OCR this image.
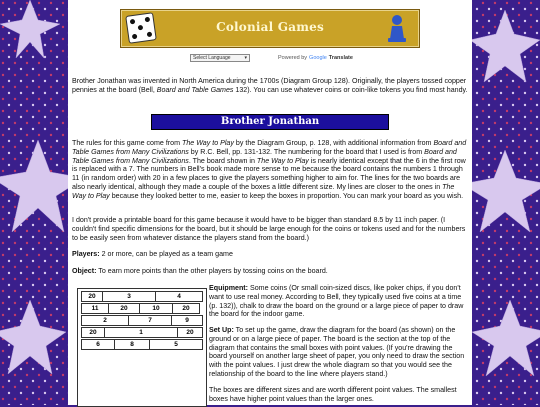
Colonial Games
Select Language	▾	Powered by Google Translate
Brother Jonathan was invented in North America during the 1700s (Diagram Group 128). Originally, the players tossed copper pennies at the board (Bell, Board and Table Games 132). You can use whatever coins or coin-like tokens you find most handy.
Brother Jonathan
The rules for this game come from The Way to Play by the Diagram Group, p. 128, with additional information from Board and Table Games from Many Civilizations by R.C. Bell, pp. 131-132. The numbering for the board that I used is from Board and Table Games from Many Civilizations. The board shown in The Way to Play is nearly identical except that the 6 in the first row is replaced with a 7. The numbers in Bell's book made more sense to me because the board contains the numbers 1 through 11 (in random order) with 20 in a few places to give the players something higher to aim for. The lines for the two boards are also nearly identical, although they made a couple of the boxes a little different size. My lines are closer to the ones in The Way to Play because they looked better to me, easier to keep the boxes in proportion. You can mark your board as you wish.
I don't provide a printable board for this game because it would have to be bigger than standard 8.5 by 11 inch paper. (I couldn't find specific dimensions for the board, but it should be large enough for the coins or tokens used and for the numbers to be easily seen from whatever distance the players stand from the board.)
Players: 2 or more, can be played as a team game
Object: To earn more points than the other players by tossing coins on the board.
20	3	4
11	20	10	20
2	7	9
20	1	20
6	8	5
Equipment: Some coins (Or small coin-sized discs, like poker chips, if you don't want to use real money. According to Bell, they typically used five coins at a time (p. 132)), chalk to draw the board on the ground or a large piece of paper to draw the board for the indoor game.
Set Up: To set up the game, draw the diagram for the board (as shown) on the ground or on a large piece of paper. The board is the section at the top of the diagram that contains the small boxes with point values. (If you're drawing the board yourself on another large sheet of paper, you only need to draw the section with the point values. I just drew the whole diagram so that you would see the relationship of the board to the line where players stand.)
The boxes are different sizes and are worth different point values. The smallest boxes have higher point values than the larger ones.
